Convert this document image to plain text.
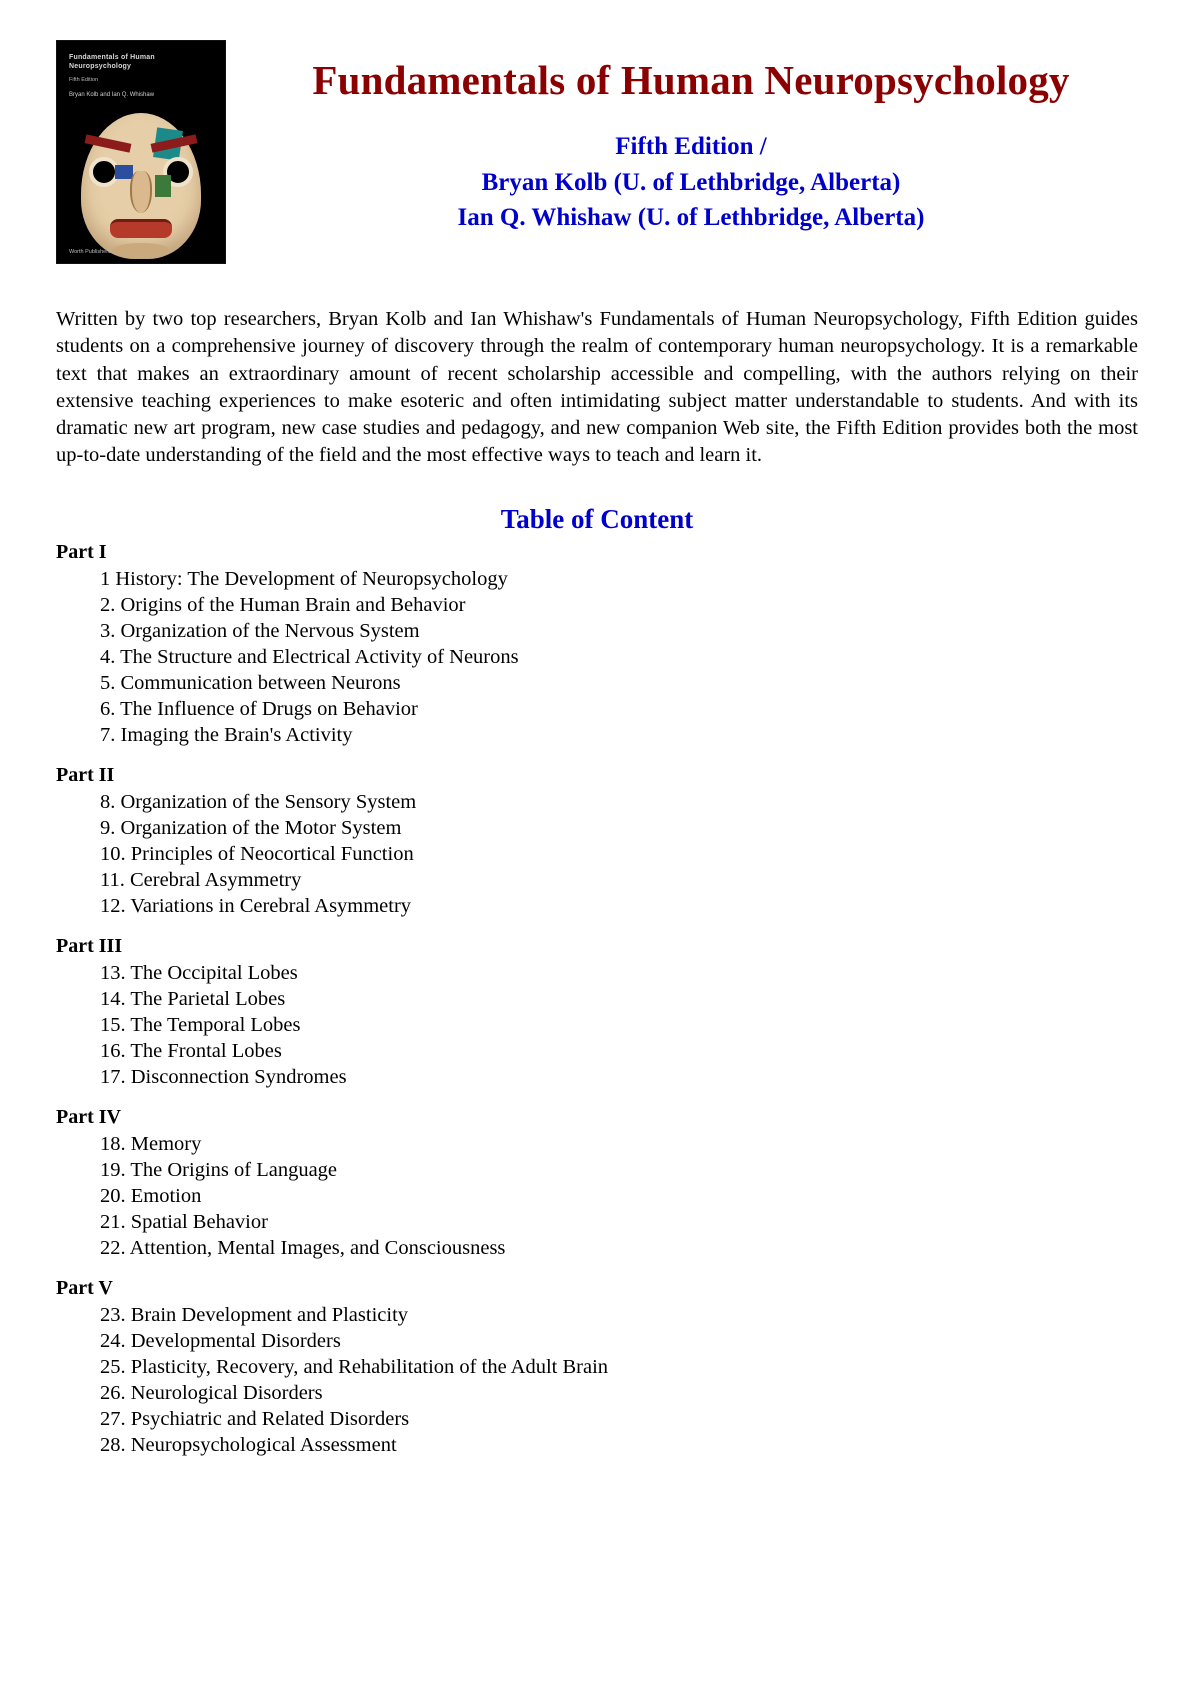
Fundamentals of Human Neuropsychology
Fifth Edition
Bryan Kolb and Ian Q. Whishaw
Worth Publishers
Fundamentals of Human Neuropsychology
Fifth Edition /
Bryan Kolb (U. of Lethbridge, Alberta)
Ian Q. Whishaw (U. of Lethbridge, Alberta)

Written by two top researchers, Bryan Kolb and Ian Whishaw's Fundamentals of Human Neuropsychology, Fifth Edition guides students on a comprehensive journey of discovery through the realm of contemporary human neuropsychology. It is a remarkable text that makes an extraordinary amount of recent scholarship accessible and compelling, with the authors relying on their extensive teaching experiences to make esoteric and often intimidating subject matter understandable to students. And with its dramatic new art program, new case studies and pedagogy, and new companion Web site, the Fifth Edition provides both the most up-to-date understanding of the field and the most effective ways to teach and learn it.

Table of Content
Part I
1 History: The Development of Neuropsychology
2. Origins of the Human Brain and Behavior
3. Organization of the Nervous System
4. The Structure and Electrical Activity of Neurons
5. Communication between Neurons
6. The Influence of Drugs on Behavior
7. Imaging the Brain's Activity
Part II
8. Organization of the Sensory System
9. Organization of the Motor System
10. Principles of Neocortical Function
11. Cerebral Asymmetry
12. Variations in Cerebral Asymmetry
Part III
13. The Occipital Lobes
14. The Parietal Lobes
15. The Temporal Lobes
16. The Frontal Lobes
17. Disconnection Syndromes
Part IV
18. Memory
19. The Origins of Language
20. Emotion
21. Spatial Behavior
22. Attention, Mental Images, and Consciousness
Part V
23. Brain Development and Plasticity
24. Developmental Disorders
25. Plasticity, Recovery, and Rehabilitation of the Adult Brain
26. Neurological Disorders
27. Psychiatric and Related Disorders
28. Neuropsychological Assessment
